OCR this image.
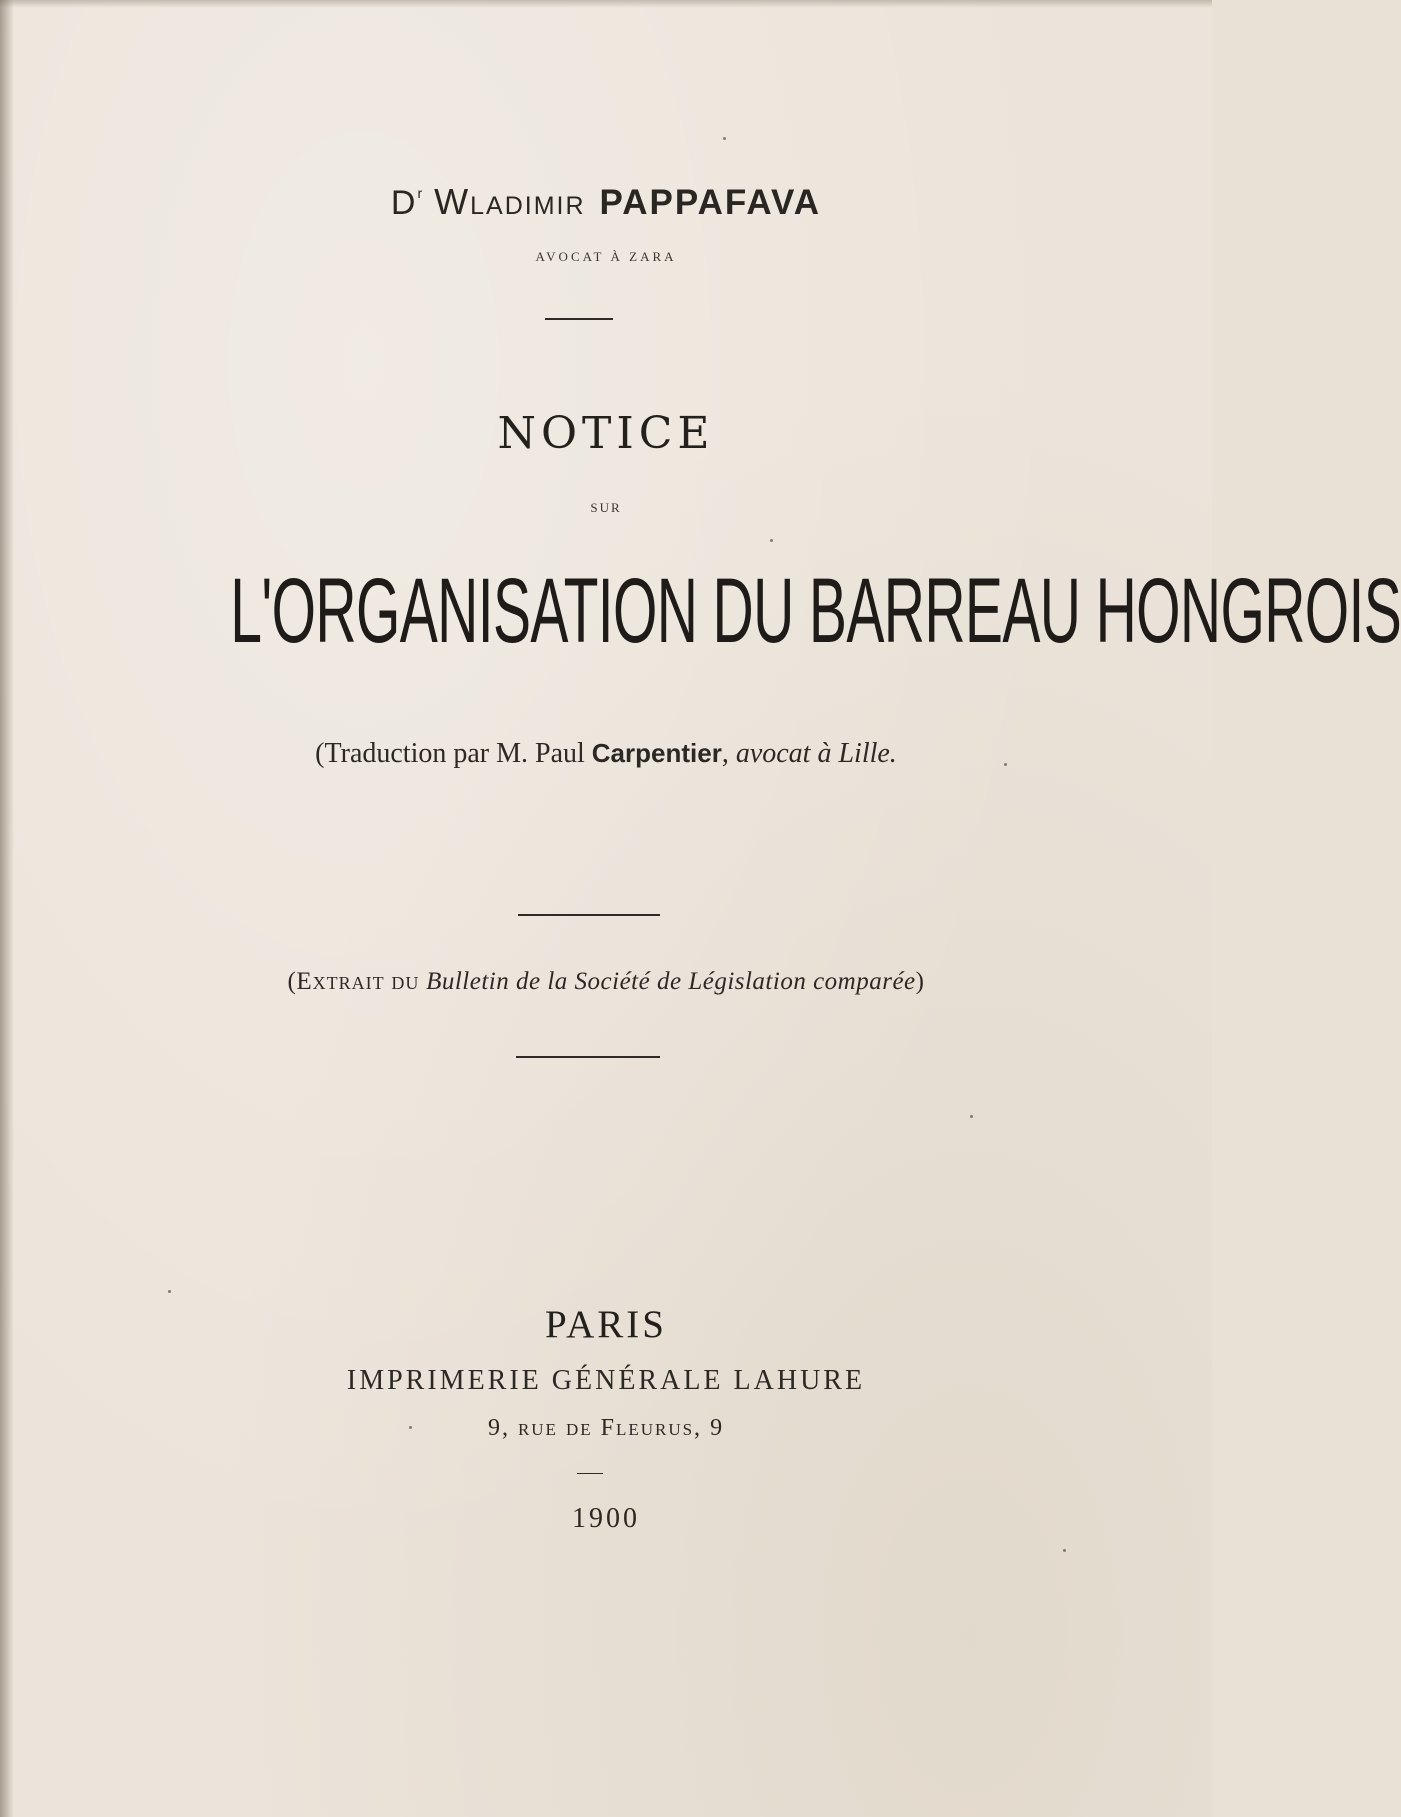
$D^r$ Wladimir PAPPAFAVA
AVOCAT À ZARA
NOTICE
SUR
L'ORGANISATION DU BARREAU HONGROIS
(Traduction par M. Paul Carpentier, avocat à Lille.
(Extrait du Bulletin de la Société de Législation comparée)
PARIS
IMPRIMERIE GÉNÉRALE LAHURE
9, rue de Fleurus, 9
1900
